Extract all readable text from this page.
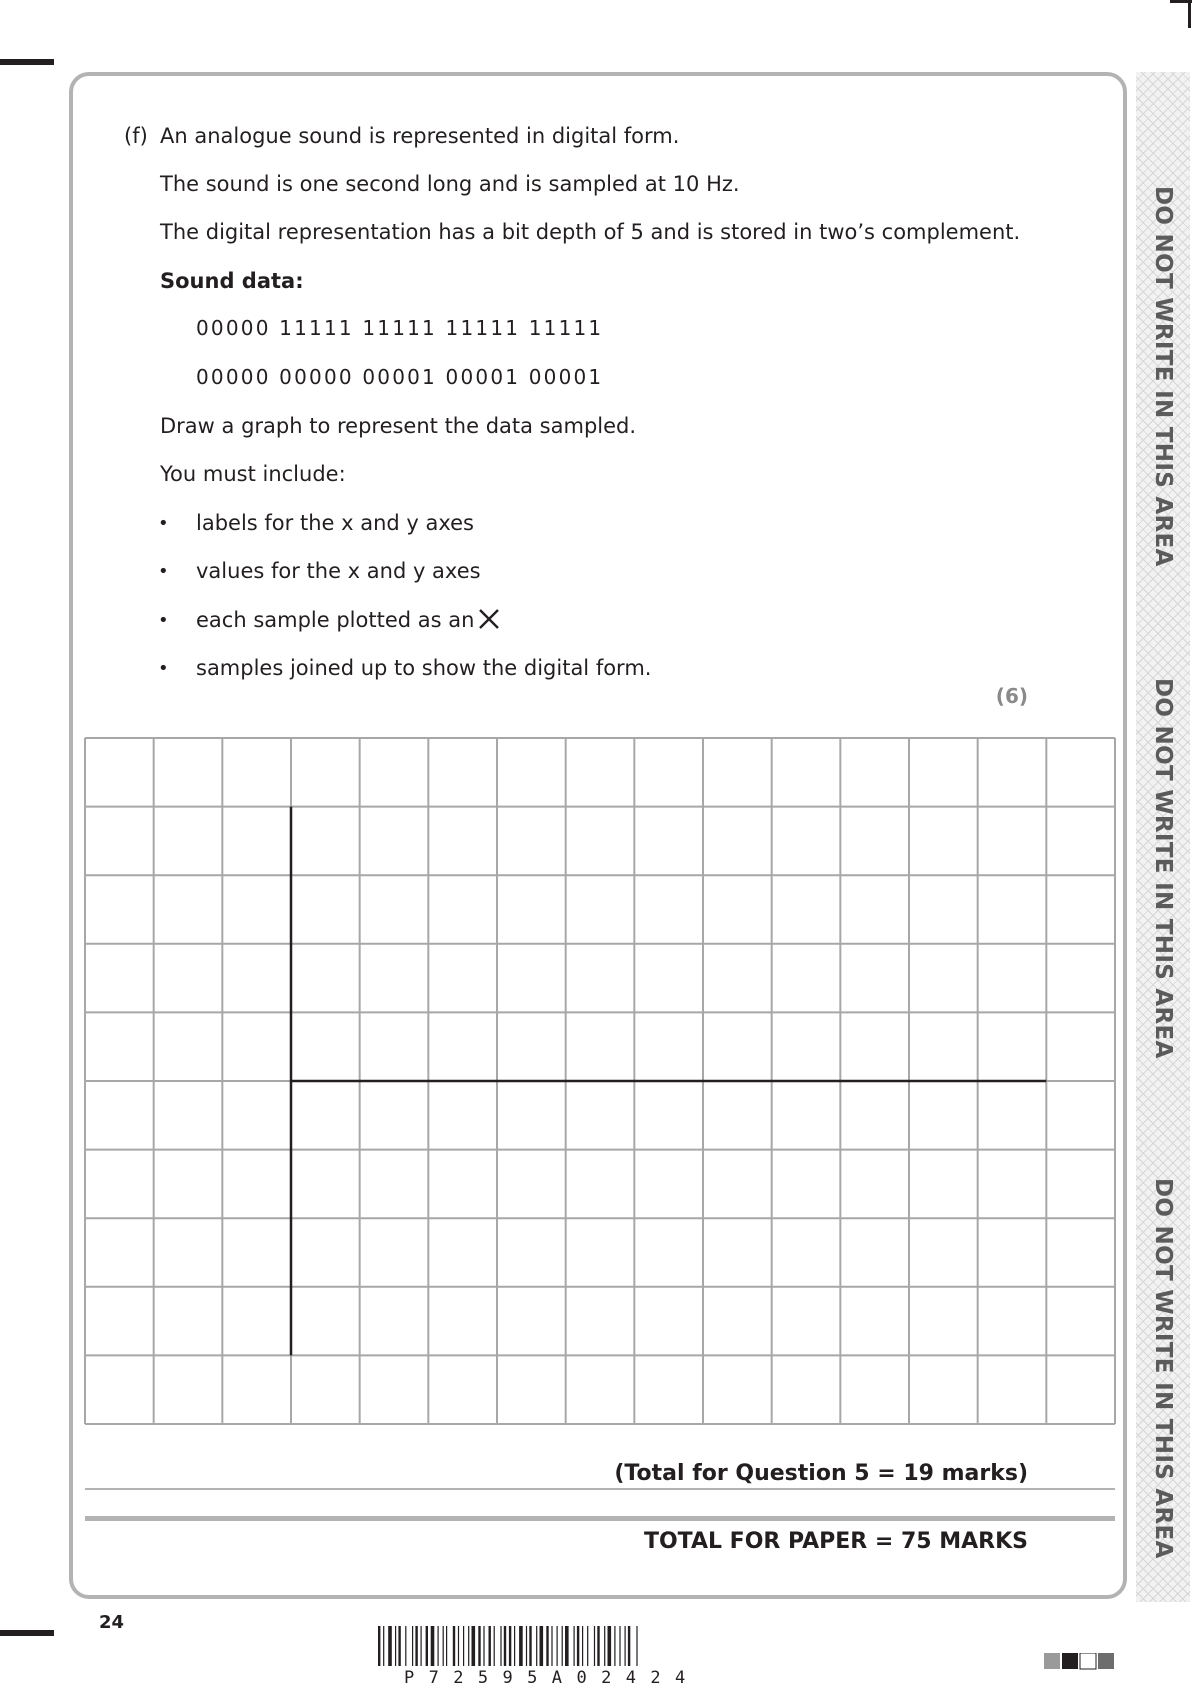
(f) An analogue sound is represented in digital form.
The sound is one second long and is sampled at 10 Hz.
The digital representation has a bit depth of 5 and is stored in two’s complement.
Sound data:
00000 11111 11111 11111 11111
00000 00000 00001 00001 00001
Draw a graph to represent the data sampled.
You must include:
• labels for the x and y axes
• values for the x and y axes
• each sample plotted as an
• samples joined up to show the digital form.
(6)
(Total for Question 5 = 19 marks)
TOTAL FOR PAPER = 75 MARKS
24
P72595A02424
DO NOT WRITE IN THIS AREA
DO NOT WRITE IN THIS AREA
DO NOT WRITE IN THIS AREA
